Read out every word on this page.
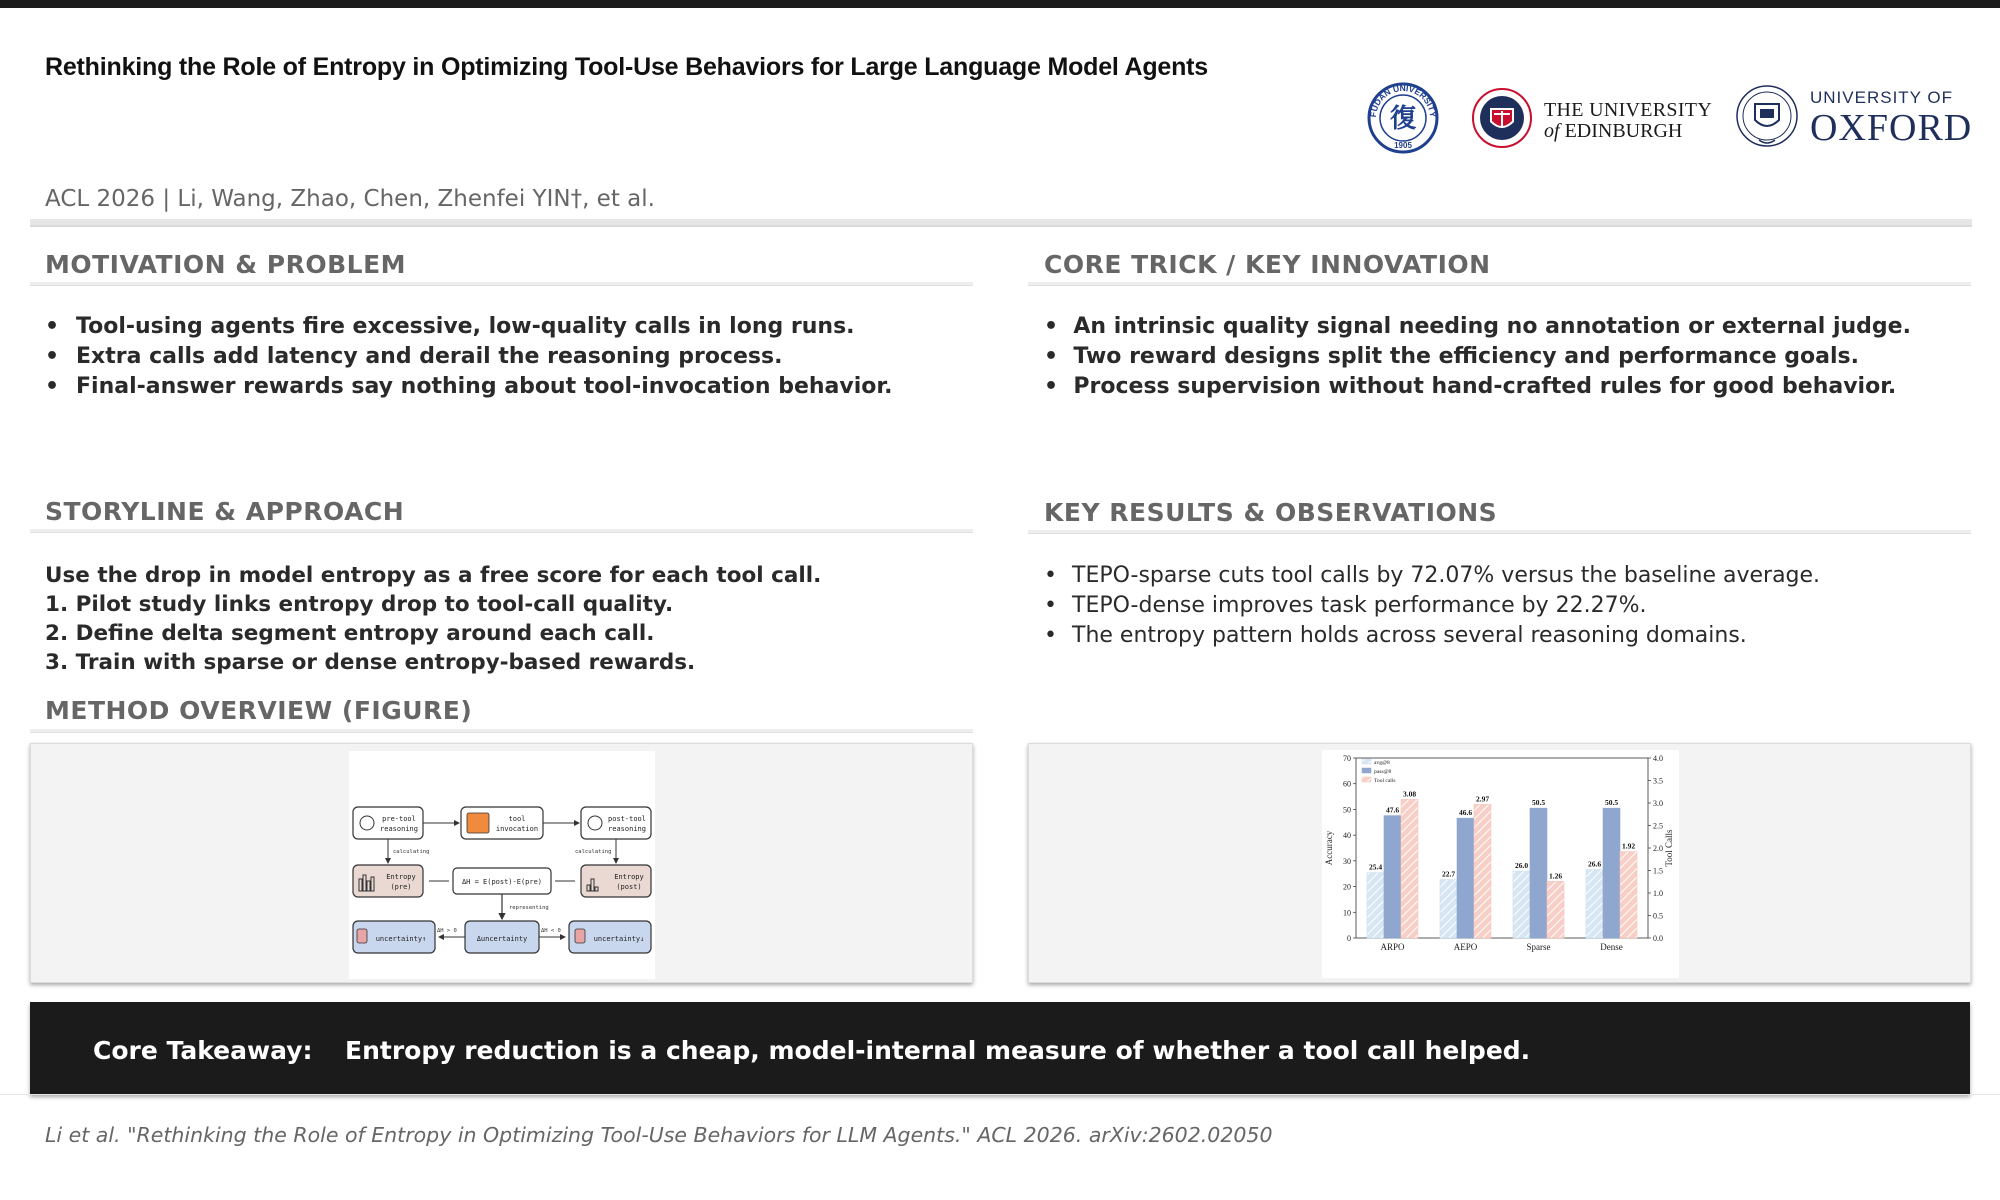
Rethinking the Role of Entropy in Optimizing Tool-Use Behaviors for Large Language Model Agents
FUDAN UNIVERSITY
復
1905
THE UNIVERSITY
of EDINBURGH
UNIVERSITY OF
OXFORD
ACL 2026 | Li, Wang, Zhao, Chen, Zhenfei YIN†, et al.
MOTIVATION & PROBLEM
• Tool-using agents fire excessive, low-quality calls in long runs.
• Extra calls add latency and derail the reasoning process.
• Final-answer rewards say nothing about tool-invocation behavior.
CORE TRICK / KEY INNOVATION
•  An intrinsic quality signal needing no annotation or external judge.
•  Two reward designs split the efficiency and performance goals.
•  Process supervision without hand-crafted rules for good behavior.
STORYLINE & APPROACH
Use the drop in model entropy as a free score for each tool call.
1. Pilot study links entropy drop to tool-call quality.
2. Define delta segment entropy around each call.
3. Train with sparse or dense entropy-based rewards.
KEY RESULTS & OBSERVATIONS
• TEPO-sparse cuts tool calls by 72.07% versus the baseline average.
• TEPO-dense improves task performance by 22.27%.
• The entropy pattern holds across several reasoning domains.
METHOD OVERVIEW (FIGURE)
pre-tool
reasoning
tool
invocation
post-tool
reasoning
calculating	calculating
Entropy
(pre)
ΔH = E(post)-E(pre)
Entropy
(post)
representing
uncertainty↑	Δuncertainty	uncertainty↓
ΔH > 0	ΔH < 0
0
10
20
30
40
50
60
70
0.0
0.5
1.0
1.5
2.0
2.5
3.0
3.5
4.0
Accuracy	Tool Calls
25.4
47.6
3.08
ARPO
22.7
46.6
2.97
AEPO
26.0
50.5
1.26
Sparse
26.6
50.5
1.92
Dense
avg@8
pass@8
Tool calls
Core Takeaway: Entropy reduction is a cheap, model-internal measure of whether a tool call helped.
Li et al. "Rethinking the Role of Entropy in Optimizing Tool-Use Behaviors for LLM Agents." ACL 2026. arXiv:2602.02050
